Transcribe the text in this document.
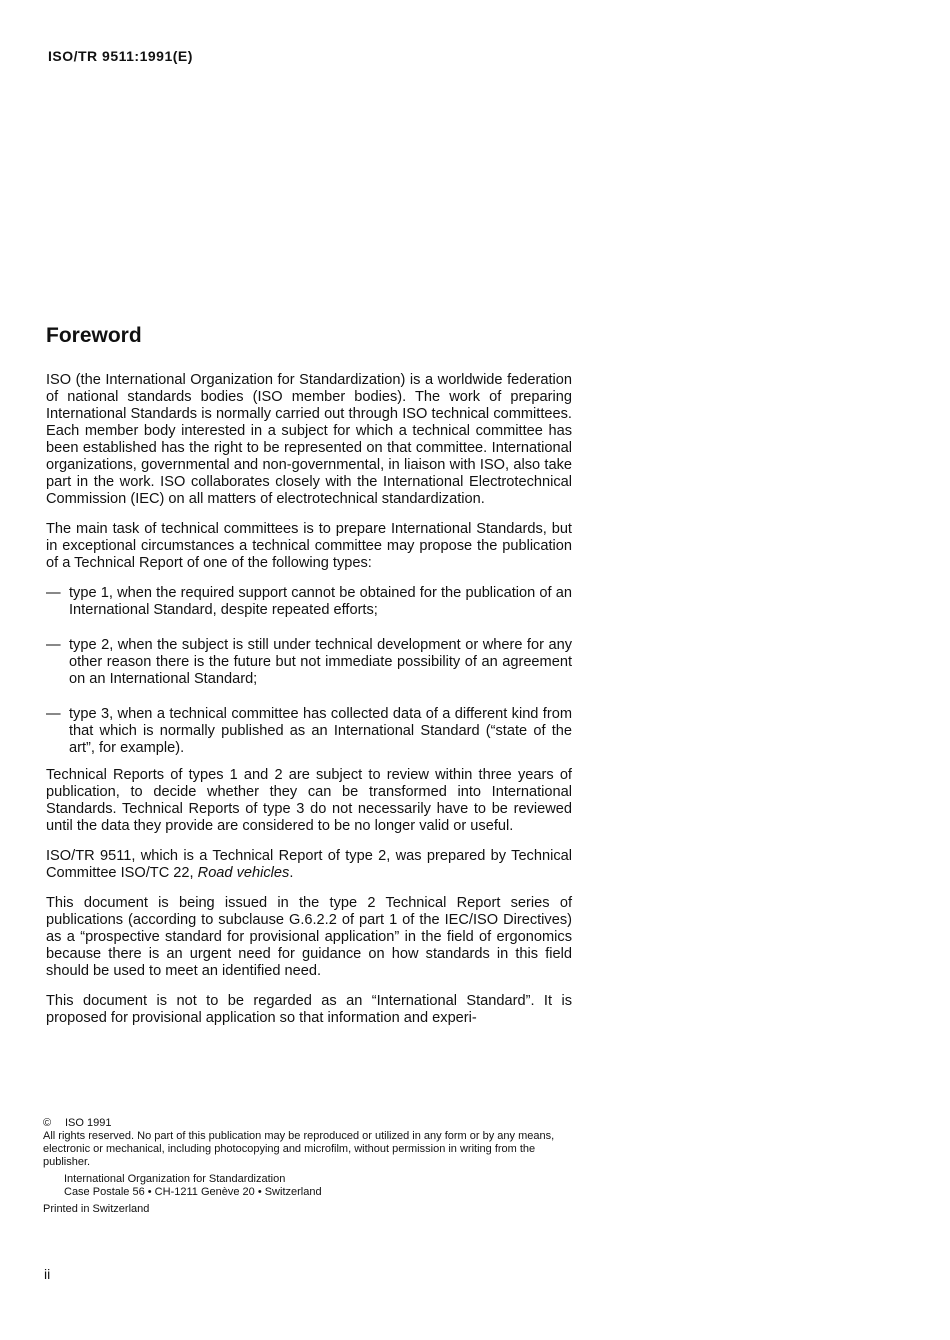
ISO/TR 9511:1991(E)
Foreword

ISO (the International Organization for Standardization) is a worldwide federation of national standards bodies (ISO member bodies). The work of preparing International Standards is normally carried out through ISO technical committees. Each member body interested in a subject for which a technical committee has been established has the right to be represented on that committee. International organizations, governmental and non-governmental, in liaison with ISO, also take part in the work. ISO collaborates closely with the International Electrotechnical Commission (IEC) on all matters of electrotechnical standardization.

The main task of technical committees is to prepare International Standards, but in exceptional circumstances a technical committee may propose the publication of a Technical Report of one of the following types:

— type 1, when the required support cannot be obtained for the publication of an International Standard, despite repeated efforts;
— type 2, when the subject is still under technical development or where for any other reason there is the future but not immediate possibility of an agreement on an International Standard;
— type 3, when a technical committee has collected data of a different kind from that which is normally published as an International Standard (“state of the art”, for example).

Technical Reports of types 1 and 2 are subject to review within three years of publication, to decide whether they can be transformed into International Standards. Technical Reports of type 3 do not necessarily have to be reviewed until the data they provide are considered to be no longer valid or useful.

ISO/TR 9511, which is a Technical Report of type 2, was prepared by Technical Committee ISO/TC 22, Road vehicles.

This document is being issued in the type 2 Technical Report series of publications (according to subclause G.6.2.2 of part 1 of the IEC/ISO Directives) as a “prospective standard for provisional application” in the field of ergonomics because there is an urgent need for guidance on how standards in this field should be used to meet an identified need.

This document is not to be regarded as an “International Standard”. It is proposed for provisional application so that information and experi-

© ISO 1991
All rights reserved. No part of this publication may be reproduced or utilized in any form or by any means, electronic or mechanical, including photocopying and microfilm, without permission in writing from the publisher.
International Organization for Standardization
Case Postale 56 • CH-1211 Genève 20 • Switzerland
Printed in Switzerland
ii
